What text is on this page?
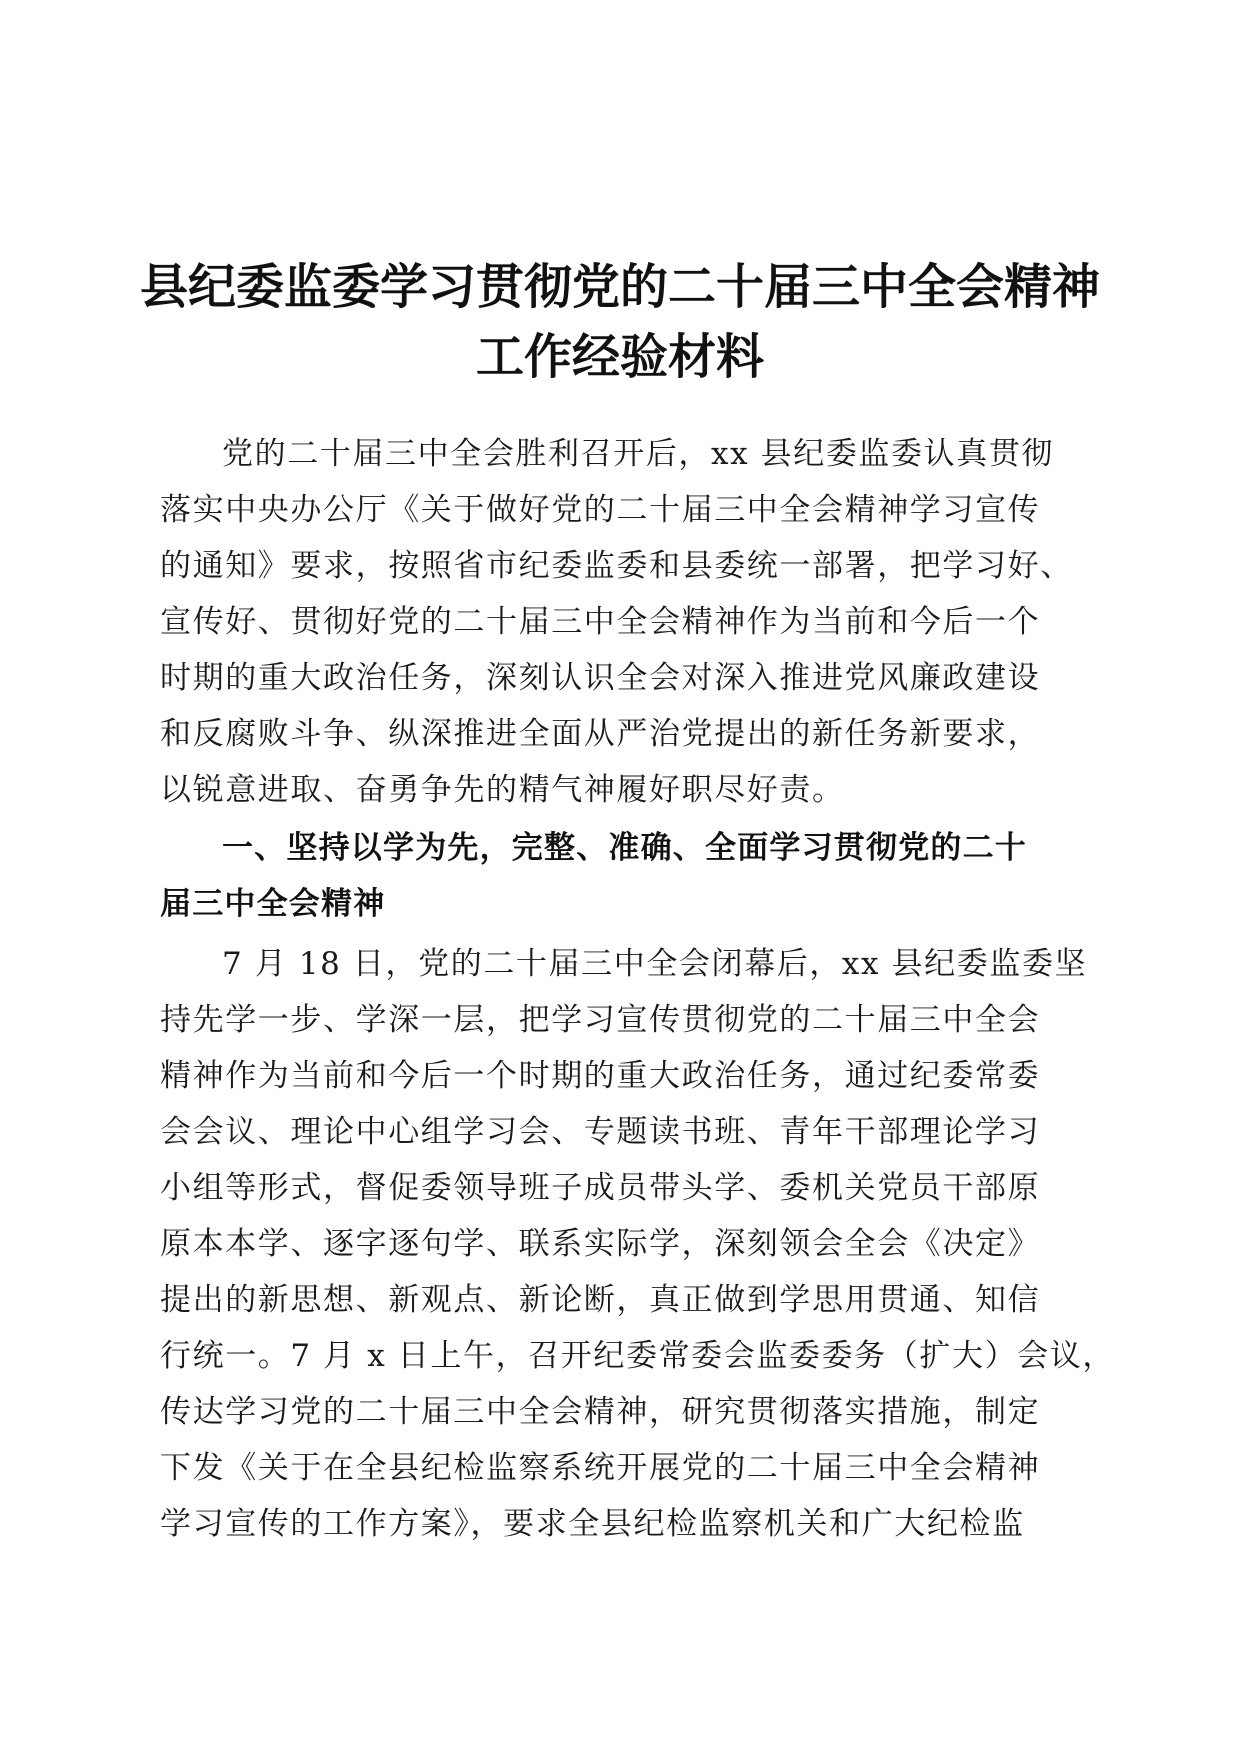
县纪委监委学习贯彻党的二十届三中全会精神
工作经验材料
党的二十届三中全会胜利召开后，xx 县纪委监委认真贯彻
落实中央办公厅《关于做好党的二十届三中全会精神学习宣传
的通知》要求，按照省市纪委监委和县委统一部署，把学习好、
宣传好、贯彻好党的二十届三中全会精神作为当前和今后一个
时期的重大政治任务，深刻认识全会对深入推进党风廉政建设
和反腐败斗争、纵深推进全面从严治党提出的新任务新要求，
以锐意进取、奋勇争先的精气神履好职尽好责。
一、坚持以学为先，完整、准确、全面学习贯彻党的二十
届三中全会精神
7 月 18 日，党的二十届三中全会闭幕后，xx 县纪委监委坚
持先学一步、学深一层，把学习宣传贯彻党的二十届三中全会
精神作为当前和今后一个时期的重大政治任务，通过纪委常委
会会议、理论中心组学习会、专题读书班、青年干部理论学习
小组等形式，督促委领导班子成员带头学、委机关党员干部原
原本本学、逐字逐句学、联系实际学，深刻领会全会《决定》
提出的新思想、新观点、新论断，真正做到学思用贯通、知信
行统一。7 月 x 日上午，召开纪委常委会监委委务（扩大）会议，
传达学习党的二十届三中全会精神，研究贯彻落实措施，制定
下发《关于在全县纪检监察系统开展党的二十届三中全会精神
学习宣传的工作方案》，要求全县纪检监察机关和广大纪检监
